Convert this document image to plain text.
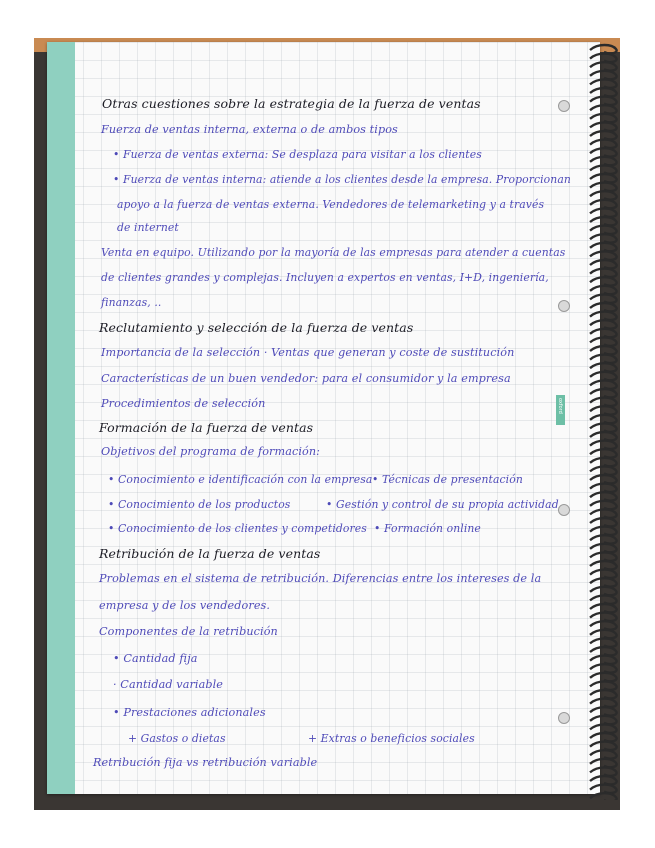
oxford
Otras cuestiones sobre la estrategia de la fuerza de ventas
Fuerza de ventas interna, externa o de ambos tipos
• Fuerza de ventas externa: Se desplaza para visitar a los clientes
• Fuerza de ventas interna: atiende a los clientes desde la empresa. Proporcionan
apoyo a la fuerza de ventas externa. Vendedores de telemarketing y a través
de internet
Venta en equipo. Utilizando por la mayoría de las empresas para atender a cuentas
de clientes grandes y complejas. Incluyen a expertos en ventas, I+D, ingeniería,
finanzas, ..
Reclutamiento y selección de la fuerza de ventas
Importancia de la selección · Ventas que generan y coste de sustitución
Características de un buen vendedor: para el consumidor y la empresa
Procedimientos de selección
Formación de la fuerza de ventas
Objetivos del programa de formación:
• Conocimiento e identificación con la empresa • Técnicas de presentación
• Conocimiento de los productos	• Gestión y control de su propia actividad
• Conocimiento de los clientes y competidores • Formación online
Retribución de la fuerza de ventas
Problemas en el sistema de retribución. Diferencias entre los intereses de la
empresa y de los vendedores.
Componentes de la retribución
• Cantidad fija
· Cantidad variable
• Prestaciones adicionales
+ Gastos o dietas	+ Extras o beneficios sociales
Retribución fija vs retribución variable
